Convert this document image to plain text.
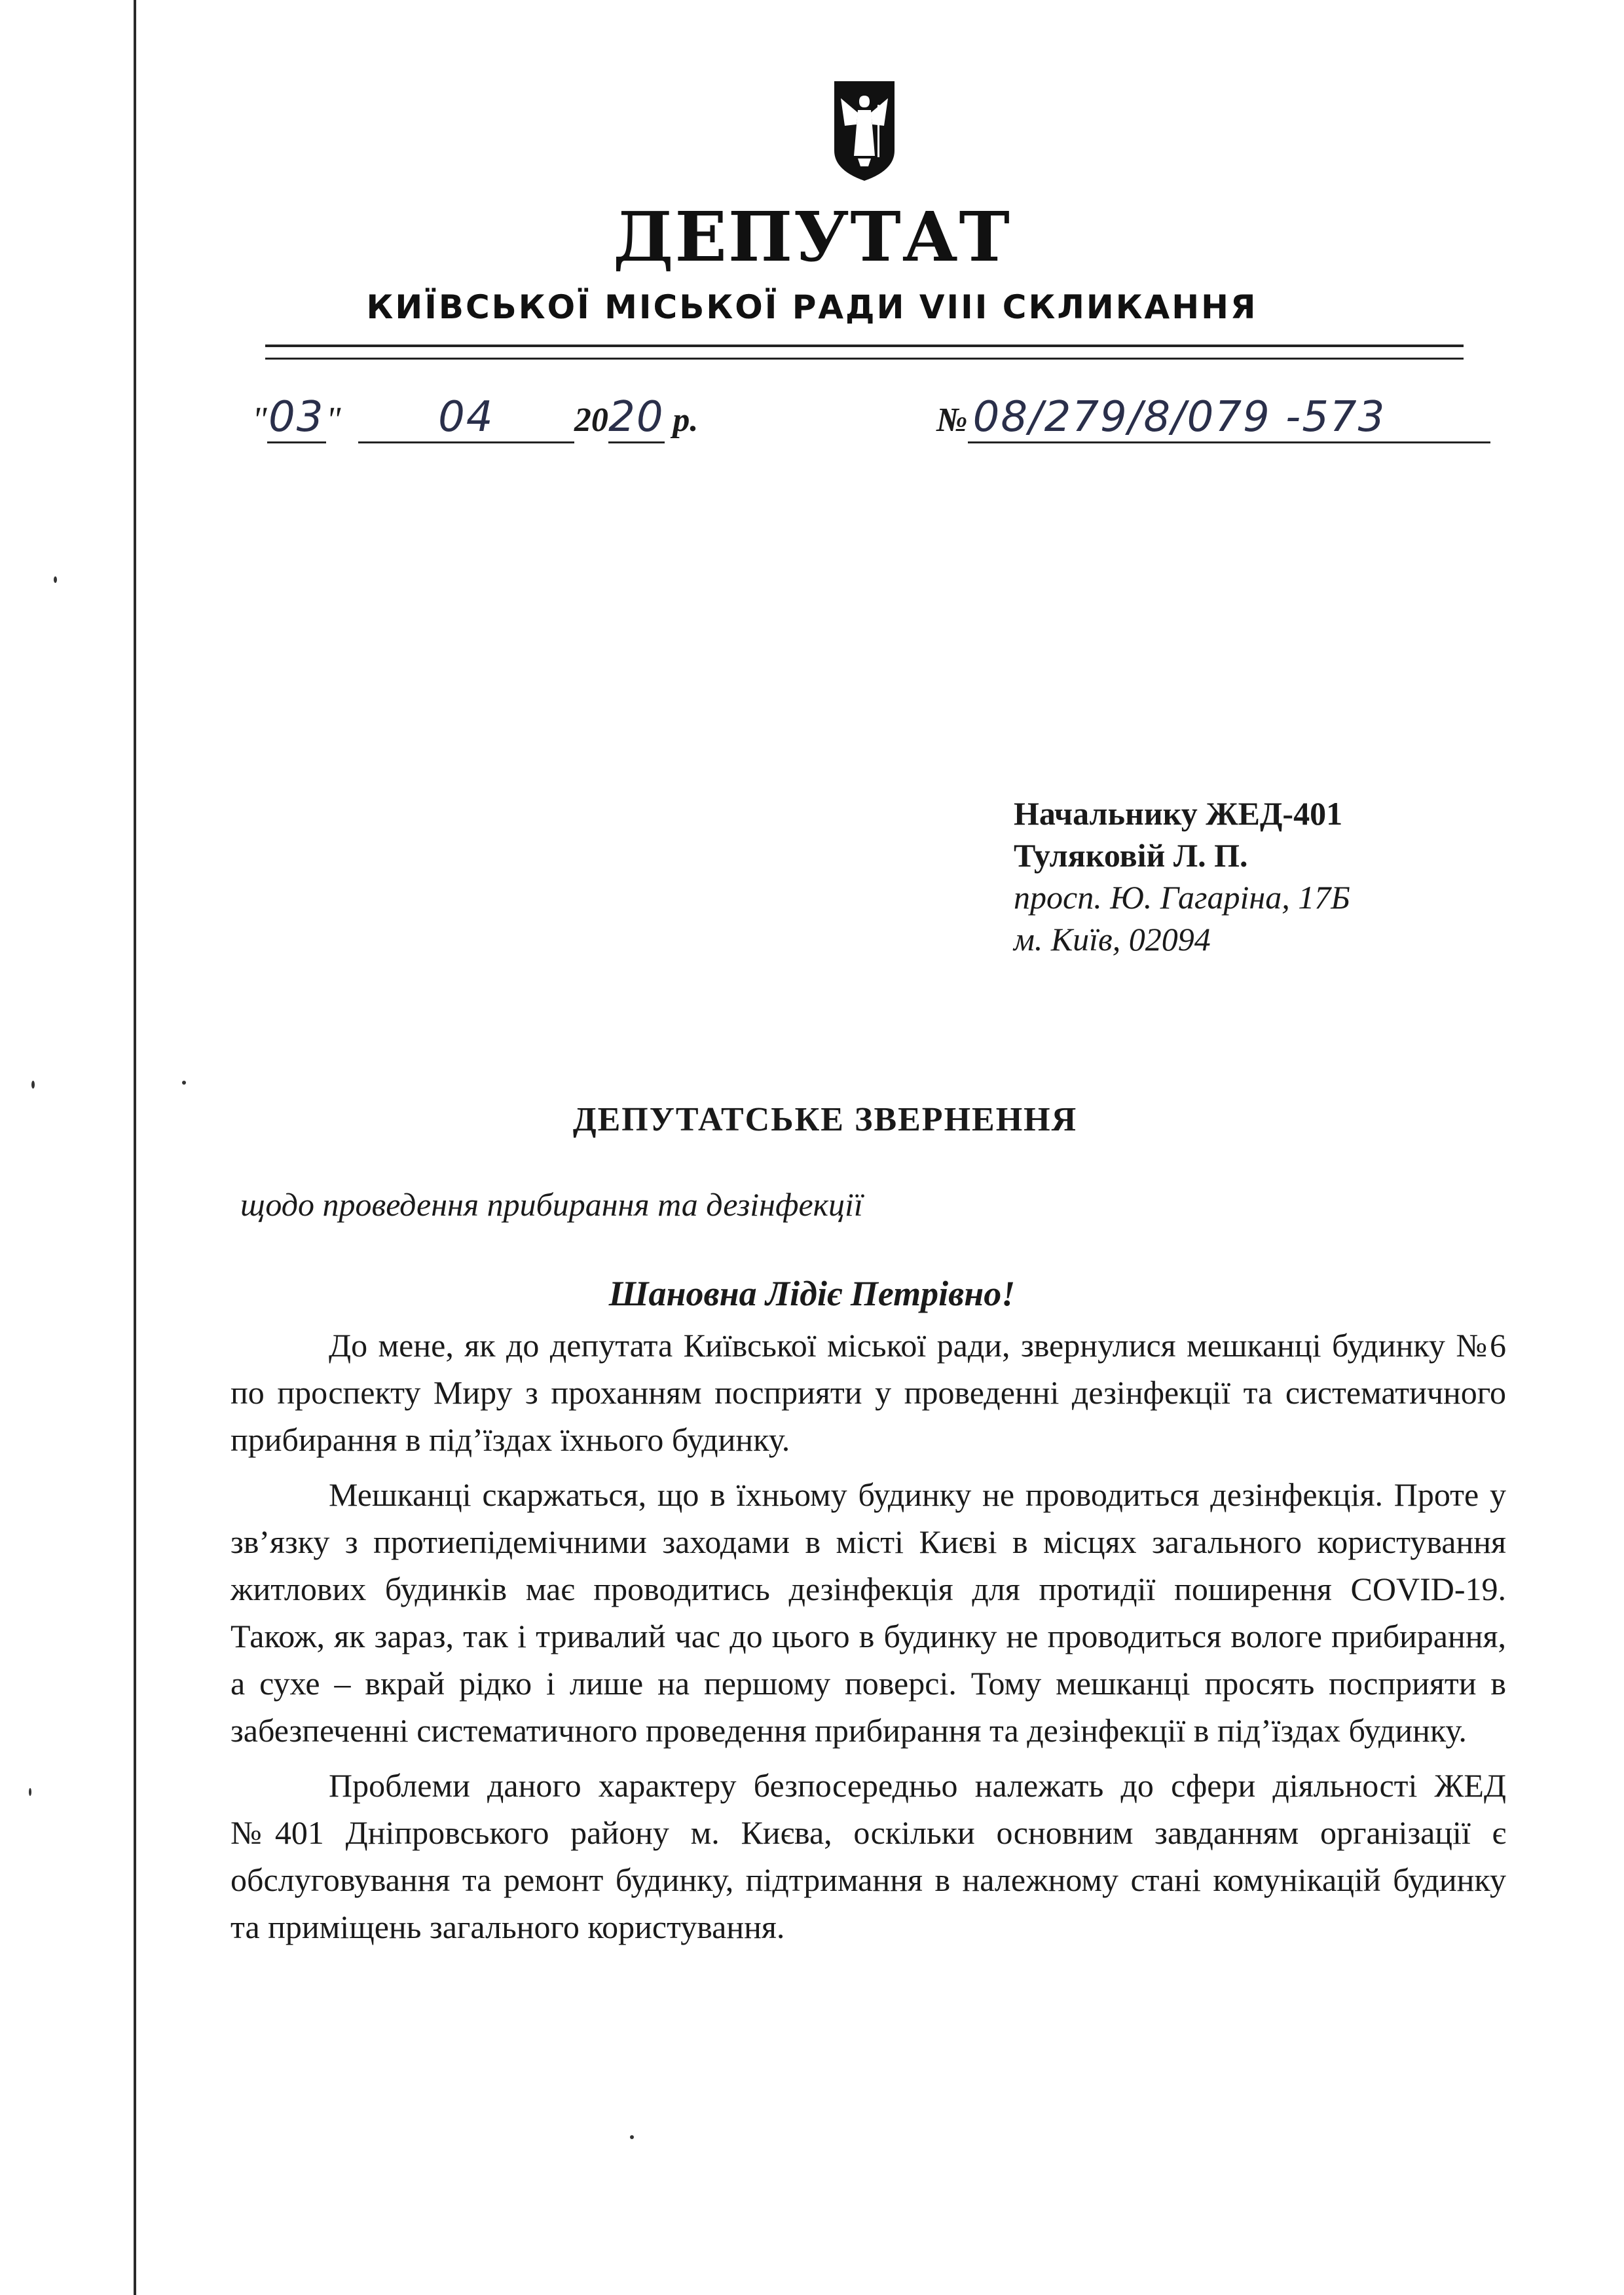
ДЕПУТАТ
КИЇВСЬКОЇ МІСЬКОЇ РАДИ VIII СКЛИКАННЯ
"03" 04 2020 р.	№ 08/279/8/079 -573
Начальнику ЖЕД-401
Туляковій Л. П.
просп. Ю. Гагаріна, 17Б
м. Київ, 02094
ДЕПУТАТСЬКЕ ЗВЕРНЕННЯ
щодо проведення прибирання та дезінфекції
Шановна Лідіє Петрівно!

До мене, як до депутата Київської міської ради, звернулися мешканці будинку №6 по проспекту Миру з проханням посприяти у проведенні дезінфекції та систематичного прибирання в під’їздах їхнього будинку.

Мешканці скаржаться, що в їхньому будинку не проводиться дезінфекція. Проте у зв’язку з протиепідемічними заходами в місті Києві в місцях загального користування житлових будинків має проводитись дезінфекція для протидії поширення COVID-19. Також, як зараз, так і тривалий час до цього в будинку не проводиться вологе прибирання, а сухе – вкрай рідко і лише на першому поверсі. Тому мешканці просять посприяти в забезпеченні систематичного проведення прибирання та дезінфекції в під’їздах будинку.

Проблеми даного характеру безпосередньо належать до сфери діяльності ЖЕД №401 Дніпровського району м. Києва, оскільки основним завданням організації є обслуговування та ремонт будинку, підтримання в належному стані комунікацій будинку та приміщень загального користування.
